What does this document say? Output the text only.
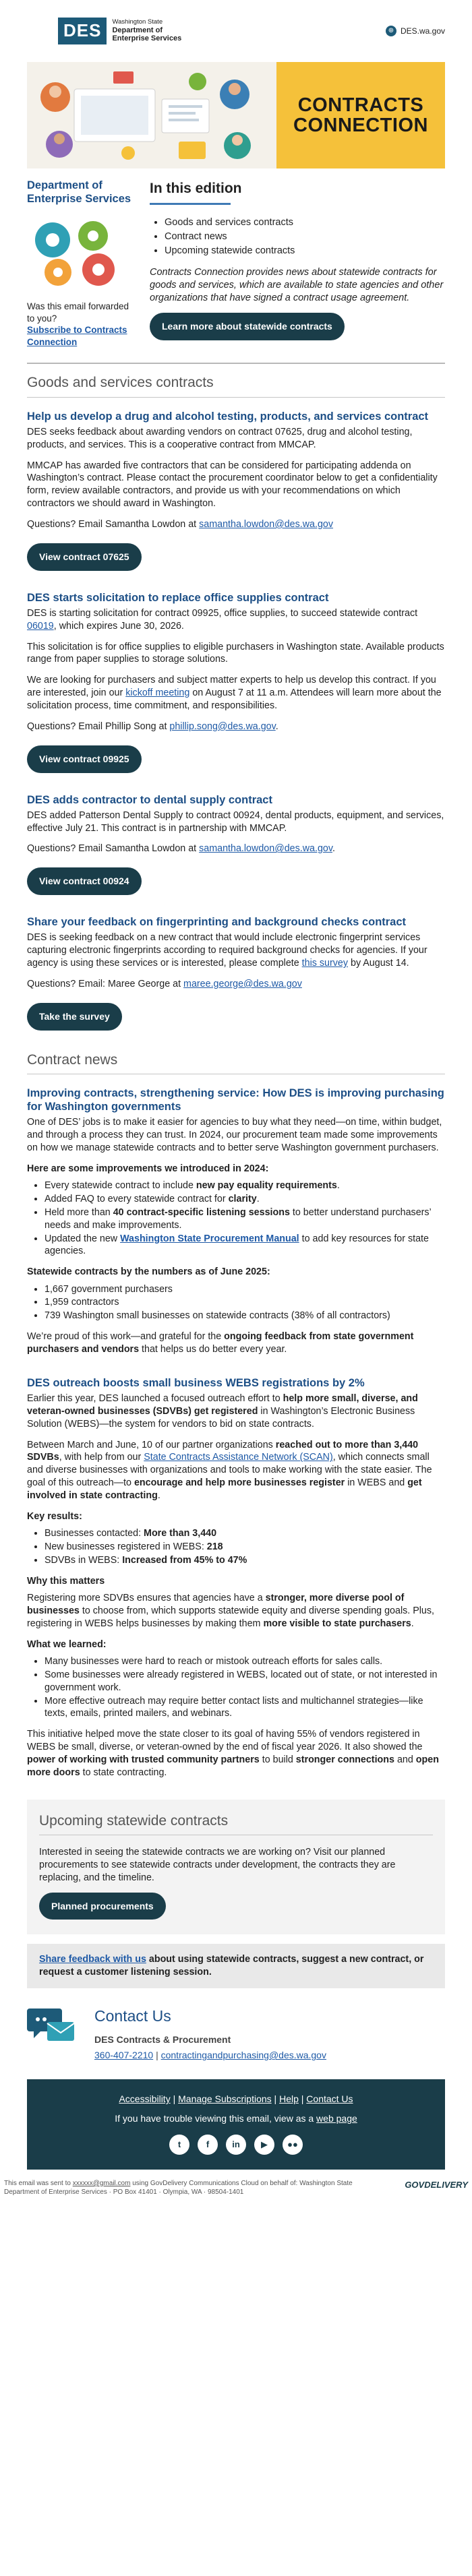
DES	Washington State
Department of
Enterprise Services
⊕ DES.wa.gov
CONTRACTS
CONNECTION
Department of Enterprise Services
Was this email forwarded to you?
Subscribe to Contracts Connection
In this edition
• Goods and services contracts
• Contract news
• Upcoming statewide contracts
Contracts Connection provides news about statewide contracts for goods and services, which are available to state agencies and other organizations that have signed a contract usage agreement.
Learn more about statewide contracts
Goods and services contracts
Help us develop a drug and alcohol testing, products, and services contract

DES seeks feedback about awarding vendors on contract 07625, drug and alcohol testing, products, and services. This is a cooperative contract from MMCAP.

MMCAP has awarded five contractors that can be considered for participating addenda on Washington’s contract. Please contact the procurement coordinator below to get a confidentiality form, review available contractors, and provide us with your recommendations on which contractors we should award in Washington.

Questions? Email Samantha Lowdon at samantha.lowdon@des.wa.gov

View contract 07625
DES starts solicitation to replace office supplies contract

DES is starting solicitation for contract 09925, office supplies, to succeed statewide contract 06019, which expires June 30, 2026.

This solicitation is for office supplies to eligible purchasers in Washington state. Available products range from paper supplies to storage solutions.

We are looking for purchasers and subject matter experts to help us develop this contract. If you are interested, join our kickoff meeting on August 7 at 11 a.m. Attendees will learn more about the solicitation process, time commitment, and responsibilities.

Questions? Email Phillip Song at phillip.song@des.wa.gov.

View contract 09925
DES adds contractor to dental supply contract

DES added Patterson Dental Supply to contract 00924, dental products, equipment, and services, effective July 21. This contract is in partnership with MMCAP.

Questions? Email Samantha Lowdon at samantha.lowdon@des.wa.gov.

View contract 00924
Share your feedback on fingerprinting and background checks contract

DES is seeking feedback on a new contract that would include electronic fingerprint services capturing electronic fingerprints according to required background checks for agencies. If your agency is using these services or is interested, please complete this survey by August 14.

Questions? Email: Maree George at maree.george@des.wa.gov

Take the survey
Contract news
Improving contracts, strengthening service: How DES is improving purchasing for Washington governments

One of DES’ jobs is to make it easier for agencies to buy what they need—on time, within budget, and through a process they can trust. In 2024, our procurement team made some improvements on how we manage statewide contracts and to better serve Washington government purchasers.

Here are some improvements we introduced in 2024:
• Every statewide contract to include new pay equality requirements.
• Added FAQ to every statewide contract for clarity.
• Held more than 40 contract-specific listening sessions to better understand purchasers’ needs and make improvements.
• Updated the new Washington State Procurement Manual to add key resources for state agencies.
Statewide contracts by the numbers as of June 2025:
• 1,667 government purchasers
• 1,959 contractors
• 739 Washington small businesses on statewide contracts (38% of all contractors)

We’re proud of this work—and grateful for the ongoing feedback from state government purchasers and vendors that helps us do better every year.

DES outreach boosts small business WEBS registrations by 2%

Earlier this year, DES launched a focused outreach effort to help more small, diverse, and veteran-owned businesses (SDVBs) get registered in Washington’s Electronic Business Solution (WEBS)—the system for vendors to bid on state contracts.

Between March and June, 10 of our partner organizations reached out to more than 3,440 SDVBs, with help from our State Contracts Assistance Network (SCAN), which connects small and diverse businesses with organizations and tools to make working with the state easier. The goal of this outreach—to encourage and help more businesses register in WEBS and get involved in state contracting.

Key results:
• Businesses contacted: More than 3,440
• New businesses registered in WEBS: 218
• SDVBs in WEBS: Increased from 45% to 47%
Why this matters

Registering more SDVBs ensures that agencies have a stronger, more diverse pool of businesses to choose from, which supports statewide equity and diverse spending goals. Plus, registering in WEBS helps businesses by making them more visible to state purchasers.

What we learned:
• Many businesses were hard to reach or mistook outreach efforts for sales calls.
• Some businesses were already registered in WEBS, located out of state, or not interested in government work.
• More effective outreach may require better contact lists and multichannel strategies—like texts, emails, printed mailers, and webinars.

This initiative helped move the state closer to its goal of having 55% of vendors registered in WEBS be small, diverse, or veteran-owned by the end of fiscal year 2026. It also showed the power of working with trusted community partners to build stronger connections and open more doors to state contracting.

Upcoming statewide contracts

Interested in seeing the statewide contracts we are working on? Visit our planned procurements to see statewide contracts under development, the contracts they are replacing, and the timeline.

Planned procurements
Share feedback with us about using statewide contracts, suggest a new contract, or request a customer listening session.
Contact Us
DES Contracts & Procurement
360-407-2210 | contractingandpurchasing@des.wa.gov
Accessibility | Manage Subscriptions | Help | Contact Us
If you have trouble viewing this email, view as a web page
t	f	in	▶	●●
This email was sent to xxxxxx@gmail.com using GovDelivery Communications Cloud on behalf of: Washington State Department of Enterprise Services · PO Box 41401 · Olympia, WA · 98504-1401
GOVDELIVERY
